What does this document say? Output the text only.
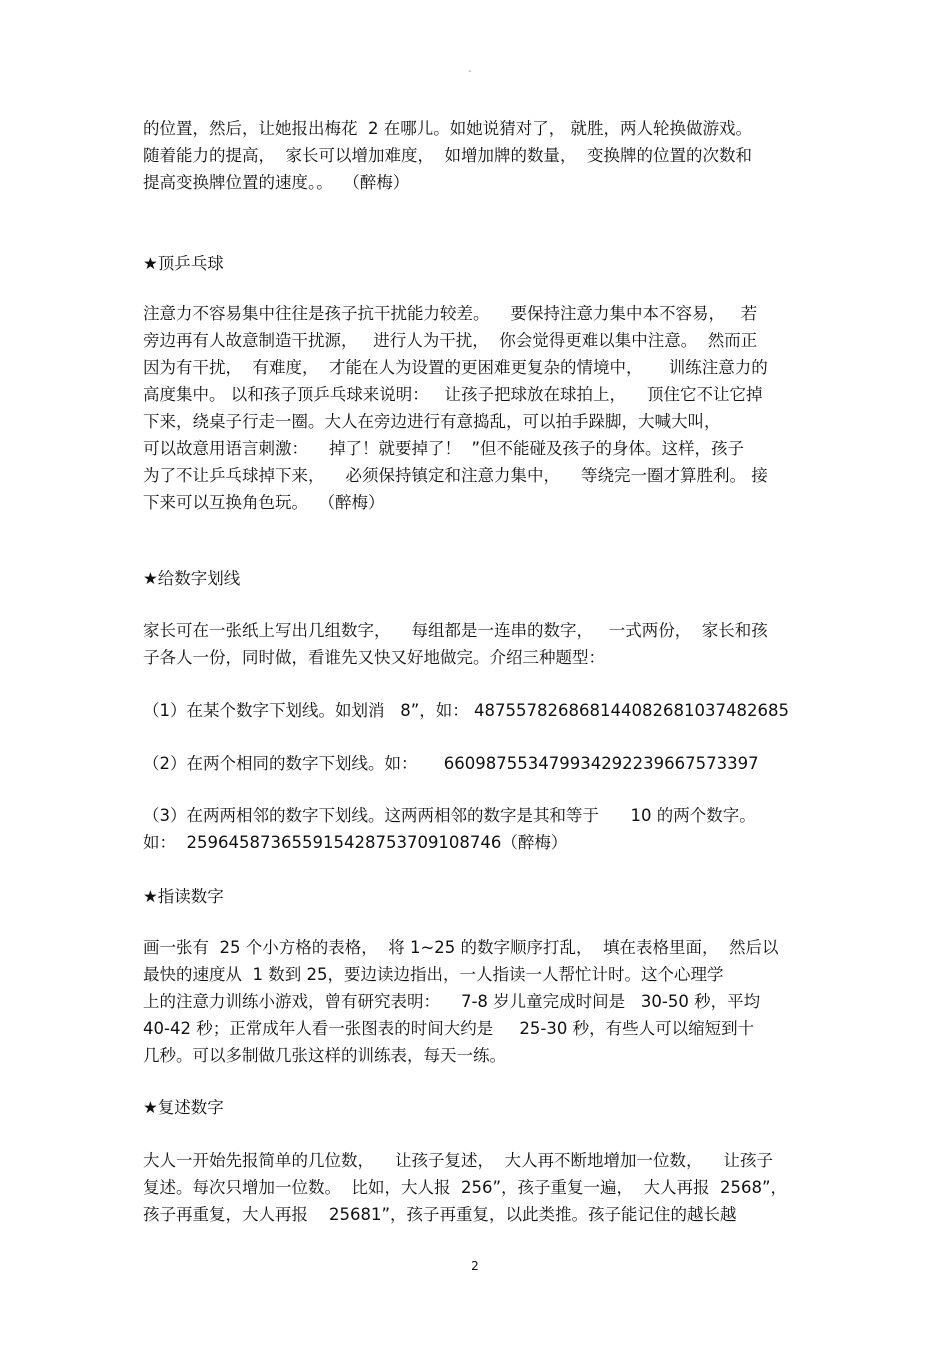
-
的位置，然后，让她报出梅花  2 在哪儿。如她说猜对了， 就胜，两人轮换做游戏。
随着能力的提高，  家长可以增加难度，  如增加牌的数量，  变换牌的位置的次数和
提高变换牌位置的速度。。  （醉梅）
★顶乒乓球
注意力不容易集中往往是孩子抗干扰能力较差。    要保持注意力集中本不容易，   若
旁边再有人故意制造干扰源，   进行人为干扰，  你会觉得更难以集中注意。  然而正
因为有干扰，  有难度，  才能在人为设置的更困难更复杂的情境中，     训练注意力的
高度集中。 以和孩子顶乒乓球来说明：   让孩子把球放在球拍上，    顶住它不让它掉
下来，绕桌子行走一圈。大人在旁边进行有意捣乱，可以拍手跺脚，大喊大叫，
可以故意用语言刺激：    掉了！就要掉了！  ”但不能碰及孩子的身体。这样，孩子
为了不让乒乓球掉下来，    必须保持镇定和注意力集中，    等绕完一圈才算胜利。 接
下来可以互换角色玩。  （醉梅）
★给数字划线
家长可在一张纸上写出几组数字，    每组都是一连串的数字，   一式两份，  家长和孩
子各人一份，同时做，看谁先又快又好地做完。介绍三种题型：
（1）在某个数字下划线。如划消   8”，如： 487557826868144082681037482685
（2）在两个相同的数字下划线。如：     660987553479934292239667573397
（3）在两两相邻的数字下划线。这两两相邻的数字是其和等于      10 的两个数字。
如：  259645873655915428753709108746（醉梅）
★指读数字
画一张有  25 个小方格的表格，  将 1~25 的数字顺序打乱，  填在表格里面，  然后以
最快的速度从  1 数到 25，要边读边指出，一人指读一人帮忙计时。这个心理学
上的注意力训练小游戏，曾有研究表明：    7-8 岁儿童完成时间是   30-50 秒，平均
40-42 秒；正常成年人看一张图表的时间大约是     25-30 秒，有些人可以缩短到十
几秒。可以多制做几张这样的训练表，每天一练。
★复述数字
大人一开始先报简单的几位数，    让孩子复述，  大人再不断地增加一位数，    让孩子
复述。每次只增加一位数。  比如，大人报  256”，孩子重复一遍，  大人再报  2568”，
孩子再重复，大人再报    25681”，孩子再重复，以此类推。孩子能记住的越长越
2
